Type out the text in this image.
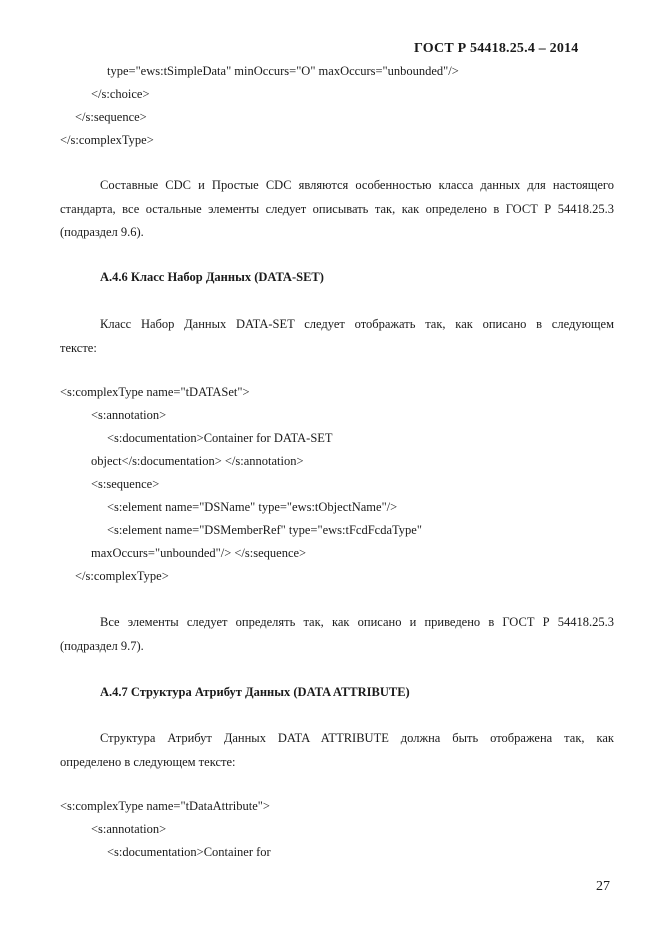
ГОСТ Р 54418.25.4 – 2014
type="ews:tSimpleData" minOccurs="O" maxOccurs="unbounded"/>
</s:choice>
</s:sequence>
</s:complexType>
Составные CDC и Простые CDC являются особенностью класса данных для настоящего
стандарта, все остальные элементы следует описывать так, как определено в ГОСТ Р 54418.25.3
(подраздел 9.6).
А.4.6 Класс Набор Данных (DATA-SET)
Класс Набор Данных DATA-SET следует отображать так, как описано в следующем
тексте:
<s:complexType name="tDATASet">
<s:annotation>
<s:documentation>Container for DATA-SET
object</s:documentation> </s:annotation>
<s:sequence>
<s:element name="DSName" type="ews:tObjectName"/>
<s:element name="DSMemberRef" type="ews:tFcdFcdaType"
maxOccurs="unbounded"/> </s:sequence>
</s:complexType>
Все элементы следует определять так, как описано и приведено в ГОСТ Р 54418.25.3
(подраздел 9.7).
А.4.7 Структура Атрибут Данных (DATA ATTRIBUTE)
Структура Атрибут Данных DATA ATTRIBUTE должна быть отображена так, как
определено в следующем тексте:
<s:complexType name="tDataAttribute">
<s:annotation>
<s:documentation>Container for
27
